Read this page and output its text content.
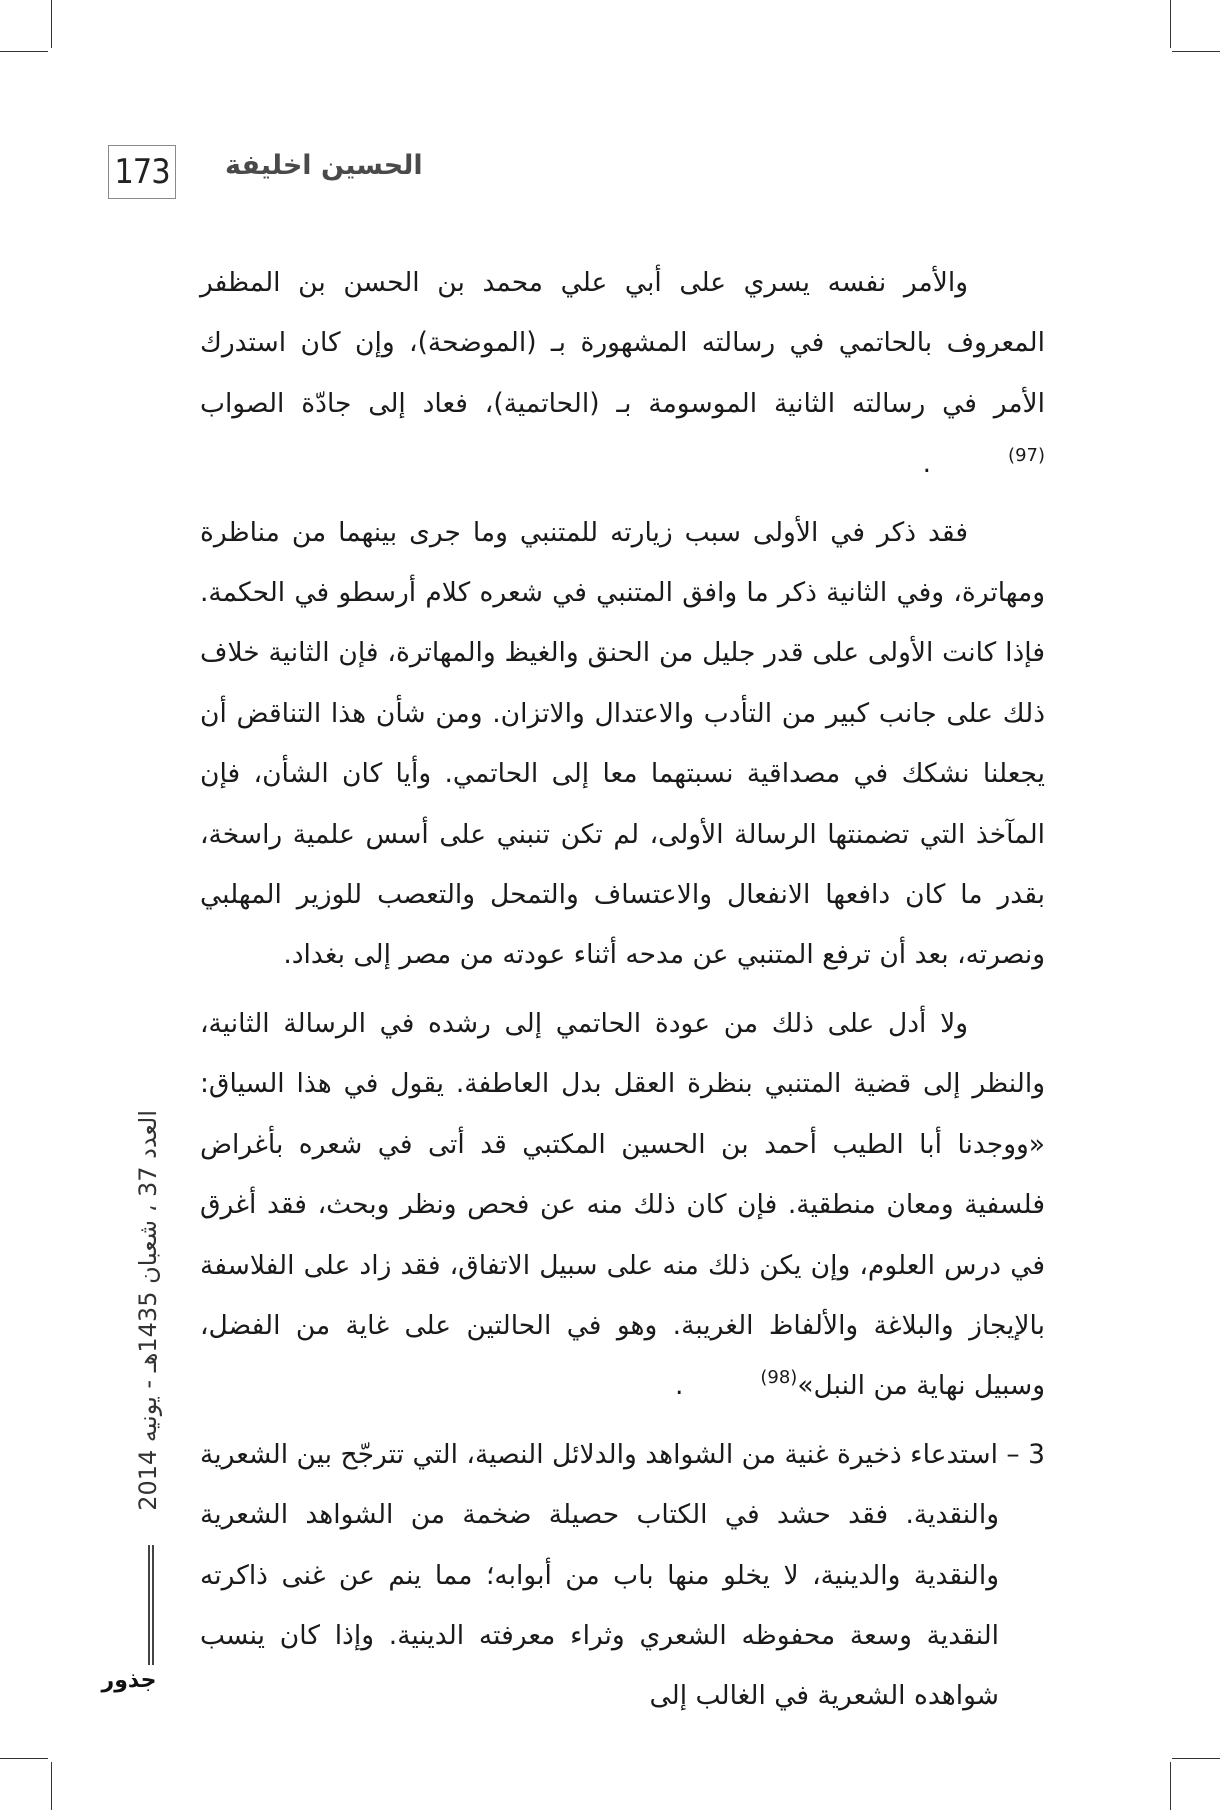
173 الحسين اخليفة

والأمر نفسه يسري على أبي علي محمد بن الحسن بن المظفر المعروف بالحاتمي في رسالته المشهورة بـ (الموضحة)، وإن كان استدرك الأمر في رسالته الثانية الموسومة بـ (الحاتمية)، فعاد إلى جادّة الصواب$^{(97)}$.

فقد ذكر في الأولى سبب زيارته للمتنبي وما جرى بينهما من مناظرة ومهاترة، وفي الثانية ذكر ما وافق المتنبي في شعره كلام أرسطو في الحكمة. فإذا كانت الأولى على قدر جليل من الحنق والغيظ والمهاترة، فإن الثانية خلاف ذلك على جانب كبير من التأدب والاعتدال والاتزان. ومن شأن هذا التناقض أن يجعلنا نشكك في مصداقية نسبتهما معا إلى الحاتمي. وأيا كان الشأن، فإن المآخذ التي تضمنتها الرسالة الأولى، لم تكن تنبني على أسس علمية راسخة، بقدر ما كان دافعها الانفعال والاعتساف والتمحل والتعصب للوزير المهلبي ونصرته، بعد أن ترفع المتنبي عن مدحه أثناء عودته من مصر إلى بغداد.

ولا أدل على ذلك من عودة الحاتمي إلى رشده في الرسالة الثانية، والنظر إلى قضية المتنبي بنظرة العقل بدل العاطفة. يقول في هذا السياق: «ووجدنا أبا الطيب أحمد بن الحسين المكتبي قد أتى في شعره بأغراض فلسفية ومعان منطقية. فإن كان ذلك منه عن فحص ونظر وبحث، فقد أغرق في درس العلوم، وإن يكن ذلك منه على سبيل الاتفاق، فقد زاد على الفلاسفة بالإيجاز والبلاغة والألفاظ الغريبة. وهو في الحالتين على غاية من الفضل، وسبيل نهاية من النبل»$^{(98)}$.

3 – استدعاء ذخيرة غنية من الشواهد والدلائل النصية، التي تترجّح بين الشعرية والنقدية. فقد حشد في الكتاب حصيلة ضخمة من الشواهد الشعرية والنقدية والدينية، لا يخلو منها باب من أبوابه؛ مما ينم عن غنى ذاكرته النقدية وسعة محفوظه الشعري وثراء معرفته الدينية. وإذا كان ينسب شواهده الشعرية في الغالب إلى

العدد 37 ، شعبان 1435هـ - يونيه 2014
جذور
